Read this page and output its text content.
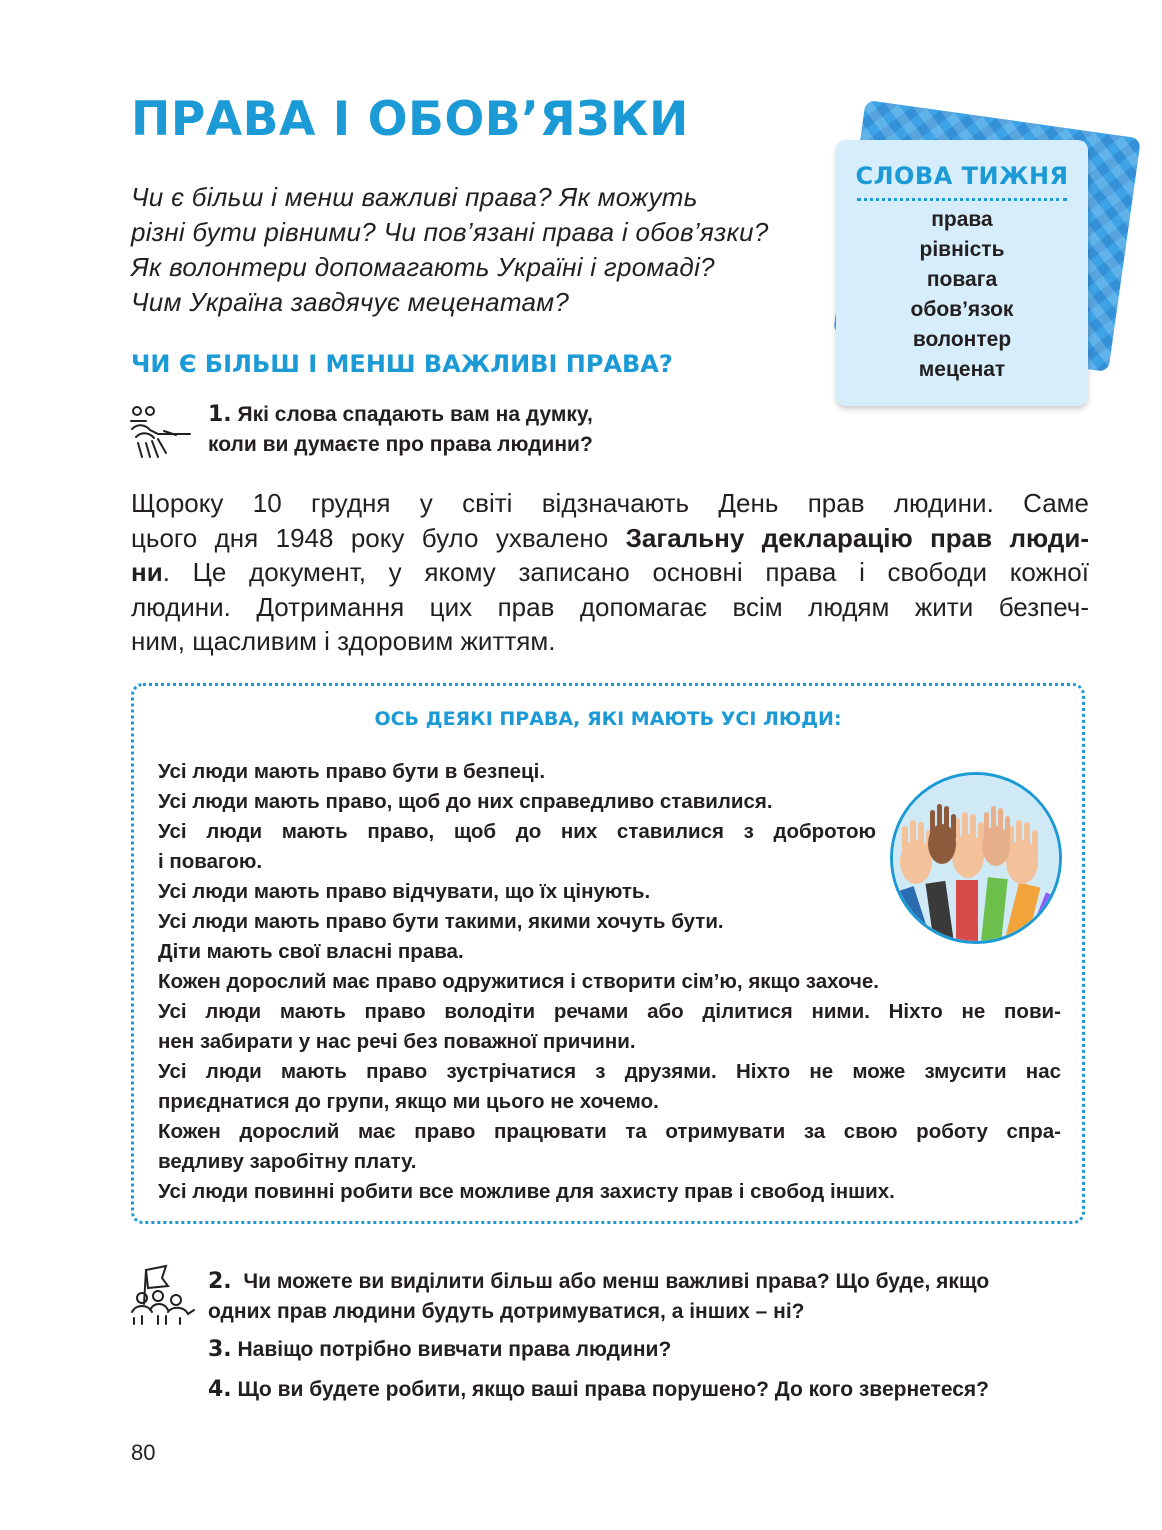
ПРАВА І ОБОВ’ЯЗКИ
Чи є більш і менш важливі права? Як можуть
різні бути рівними? Чи пов’язані права і обов’язки?
Як волонтери допомагають Україні і громаді?
Чим Україна завдячує меценатам?
СЛОВА ТИЖНЯ
права
рівність
повага
обов’язок
волонтер
меценат
ЧИ Є БІЛЬШ І МЕНШ ВАЖЛИВІ ПРАВА?
1. Які слова спадають вам на думку,
коли ви думаєте про права людини?
Щороку 10 грудня у світі відзначають День прав людини. Саме
цього дня 1948 року було ухвалено Загальну декларацію прав люди-
ни. Це документ, у якому записано основні права і свободи кожної
людини. Дотримання цих прав допомагає всім людям жити безпеч-
ним, щасливим і здоровим життям.
ОСЬ ДЕЯКІ ПРАВА, ЯКІ МАЮТЬ УСІ ЛЮДИ:
Усі люди мають право бути в безпеці.
Усі люди мають право, щоб до них справедливо ставилися.
Усі люди мають право, щоб до них ставилися з добротою
і повагою.
Усі люди мають право відчувати, що їх цінують.
Усі люди мають право бути такими, якими хочуть бути.
Діти мають свої власні права.
Кожен дорослий має право одружитися і створити сім’ю, якщо захоче.
Усі люди мають право володіти речами або ділитися ними. Ніхто не пови-
нен забирати у нас речі без поважної причини.
Усі люди мають право зустрічатися з друзями. Ніхто не може змусити нас
приєднатися до групи, якщо ми цього не хочемо.
Кожен дорослий має право працювати та отримувати за свою роботу спра-
ведливу заробітну плату.
Усі люди повинні робити все можливе для захисту прав і свобод інших.
2. Чи можете ви виділити більш або менш важливі права? Що буде, якщо
одних прав людини будуть дотримуватися, а інших – ні?
3. Навіщо потрібно вивчати права людини?
4. Що ви будете робити, якщо ваші права порушено? До кого звернетеся?
80
